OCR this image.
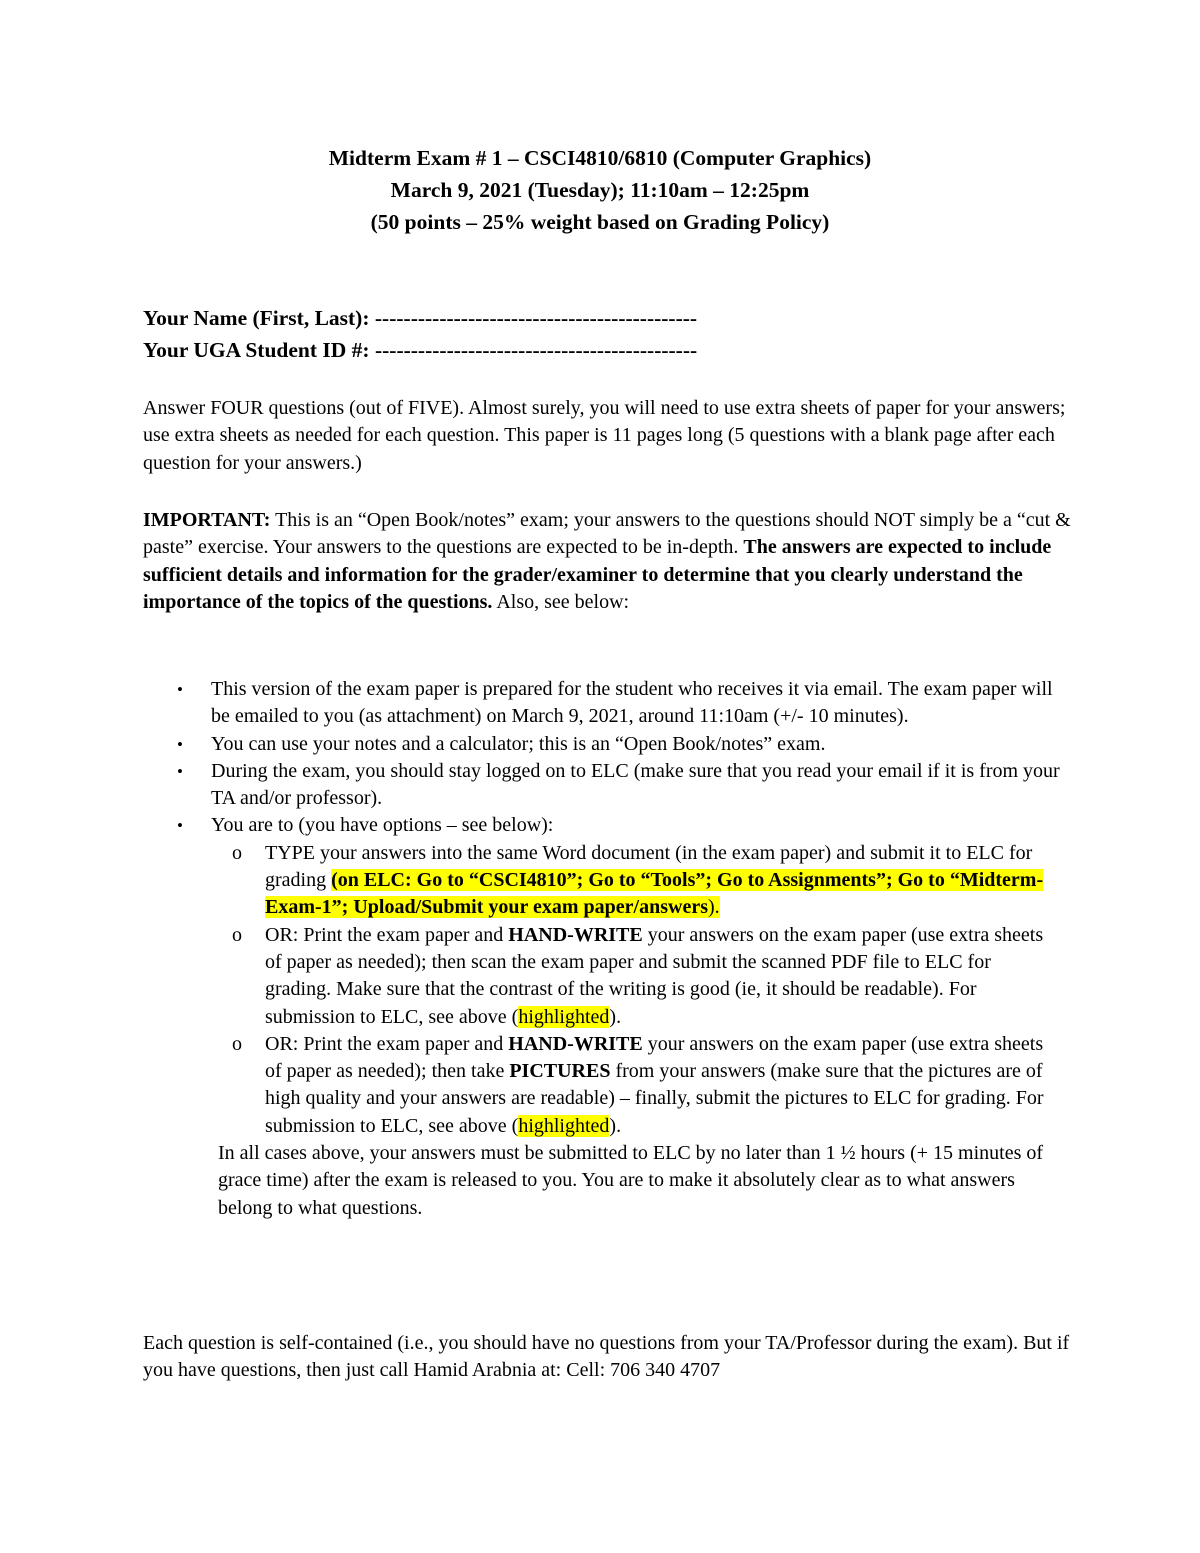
Midterm Exam # 1 – CSCI4810/6810 (Computer Graphics)
March 9, 2021 (Tuesday); 11:10am – 12:25pm
(50 points – 25% weight based on Grading Policy)
Your Name (First, Last): ---------------------------------------------
Your UGA Student ID #: ---------------------------------------------
Answer FOUR questions (out of FIVE). Almost surely, you will need to use extra sheets of paper for your answers; use extra sheets as needed for each question. This paper is 11 pages long (5 questions with a blank page after each question for your answers.)
IMPORTANT: This is an “Open Book/notes” exam; your answers to the questions should NOT simply be a “cut & paste” exercise. Your answers to the questions are expected to be in-depth. The answers are expected to include sufficient details and information for the grader/examiner to determine that you clearly understand the importance of the topics of the questions. Also, see below:
• This version of the exam paper is prepared for the student who receives it via email. The exam paper will be emailed to you (as attachment) on March 9, 2021, around 11:10am (+/- 10 minutes).
• You can use your notes and a calculator; this is an “Open Book/notes” exam.
• During the exam, you should stay logged on to ELC (make sure that you read your email if it is from your TA and/or professor).
• You are to (you have options – see below):
o TYPE your answers into the same Word document (in the exam paper) and submit it to ELC for grading (on ELC: Go to “CSCI4810”; Go to “Tools”; Go to Assignments”; Go to “Midterm-Exam-1”; Upload/Submit your exam paper/answers).
o OR: Print the exam paper and HAND-WRITE your answers on the exam paper (use extra sheets of paper as needed); then scan the exam paper and submit the scanned PDF file to ELC for grading. Make sure that the contrast of the writing is good (ie, it should be readable). For submission to ELC, see above (highlighted).
o OR: Print the exam paper and HAND-WRITE your answers on the exam paper (use extra sheets of paper as needed); then take PICTURES from your answers (make sure that the pictures are of high quality and your answers are readable) – finally, submit the pictures to ELC for grading. For submission to ELC, see above (highlighted).
In all cases above, your answers must be submitted to ELC by no later than 1 ½ hours (+ 15 minutes of grace time) after the exam is released to you. You are to make it absolutely clear as to what answers belong to what questions.
Each question is self-contained (i.e., you should have no questions from your TA/Professor during the exam). But if you have questions, then just call Hamid Arabnia at: Cell: 706 340 4707
